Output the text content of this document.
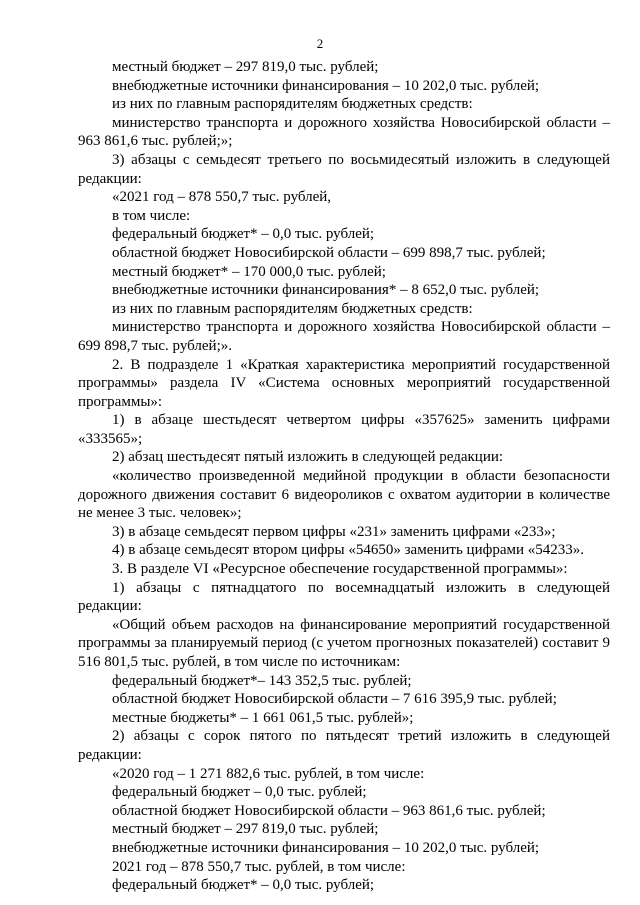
2

местный бюджет – 297 819,0 тыс. рублей;

внебюджетные источники финансирования – 10 202,0 тыс. рублей;

из них по главным распорядителям бюджетных средств:

министерство транспорта и дорожного хозяйства Новосибирской области – 963 861,6 тыс. рублей;»;

3) абзацы с семьдесят третьего по восьмидесятый изложить в следующей редакции:

«2021 год – 878 550,7 тыс. рублей,

в том числе:

федеральный бюджет* – 0,0 тыс. рублей;

областной бюджет Новосибирской области – 699 898,7 тыс. рублей;

местный бюджет* – 170 000,0 тыс. рублей;

внебюджетные источники финансирования* – 8 652,0 тыс. рублей;

из них по главным распорядителям бюджетных средств:

министерство транспорта и дорожного хозяйства Новосибирской области – 699 898,7 тыс. рублей;».

2. В подразделе 1 «Краткая характеристика мероприятий государственной программы» раздела IV «Система основных мероприятий государственной программы»:

1) в абзаце шестьдесят четвертом цифры «357625» заменить цифрами «333565»;

2) абзац шестьдесят пятый изложить в следующей редакции:

«количество произведенной медийной продукции в области безопасности дорожного движения составит 6 видеороликов с охватом аудитории в количестве не менее 3 тыс. человек»;

3) в абзаце семьдесят первом цифры «231» заменить цифрами «233»;

4) в абзаце семьдесят втором цифры «54650» заменить цифрами «54233».

3. В разделе VI «Ресурсное обеспечение государственной программы»:

1) абзацы с пятнадцатого по восемнадцатый изложить в следующей редакции:

«Общий объем расходов на финансирование мероприятий государственной программы за планируемый период (с учетом прогнозных показателей) составит 9 516 801,5 тыс. рублей, в том числе по источникам:

федеральный бюджет*– 143 352,5 тыс. рублей;

областной бюджет Новосибирской области – 7 616 395,9 тыс. рублей;

местные бюджеты* – 1 661 061,5 тыс. рублей»;

2) абзацы с сорок пятого по пятьдесят третий изложить в следующей редакции:

«2020 год – 1 271 882,6 тыс. рублей, в том числе:

федеральный бюджет – 0,0 тыс. рублей;

областной бюджет Новосибирской области – 963 861,6 тыс. рублей;

местный бюджет – 297 819,0 тыс. рублей;

внебюджетные источники финансирования – 10 202,0 тыс. рублей;

2021 год – 878 550,7 тыс. рублей, в том числе:

федеральный бюджет* – 0,0 тыс. рублей;
